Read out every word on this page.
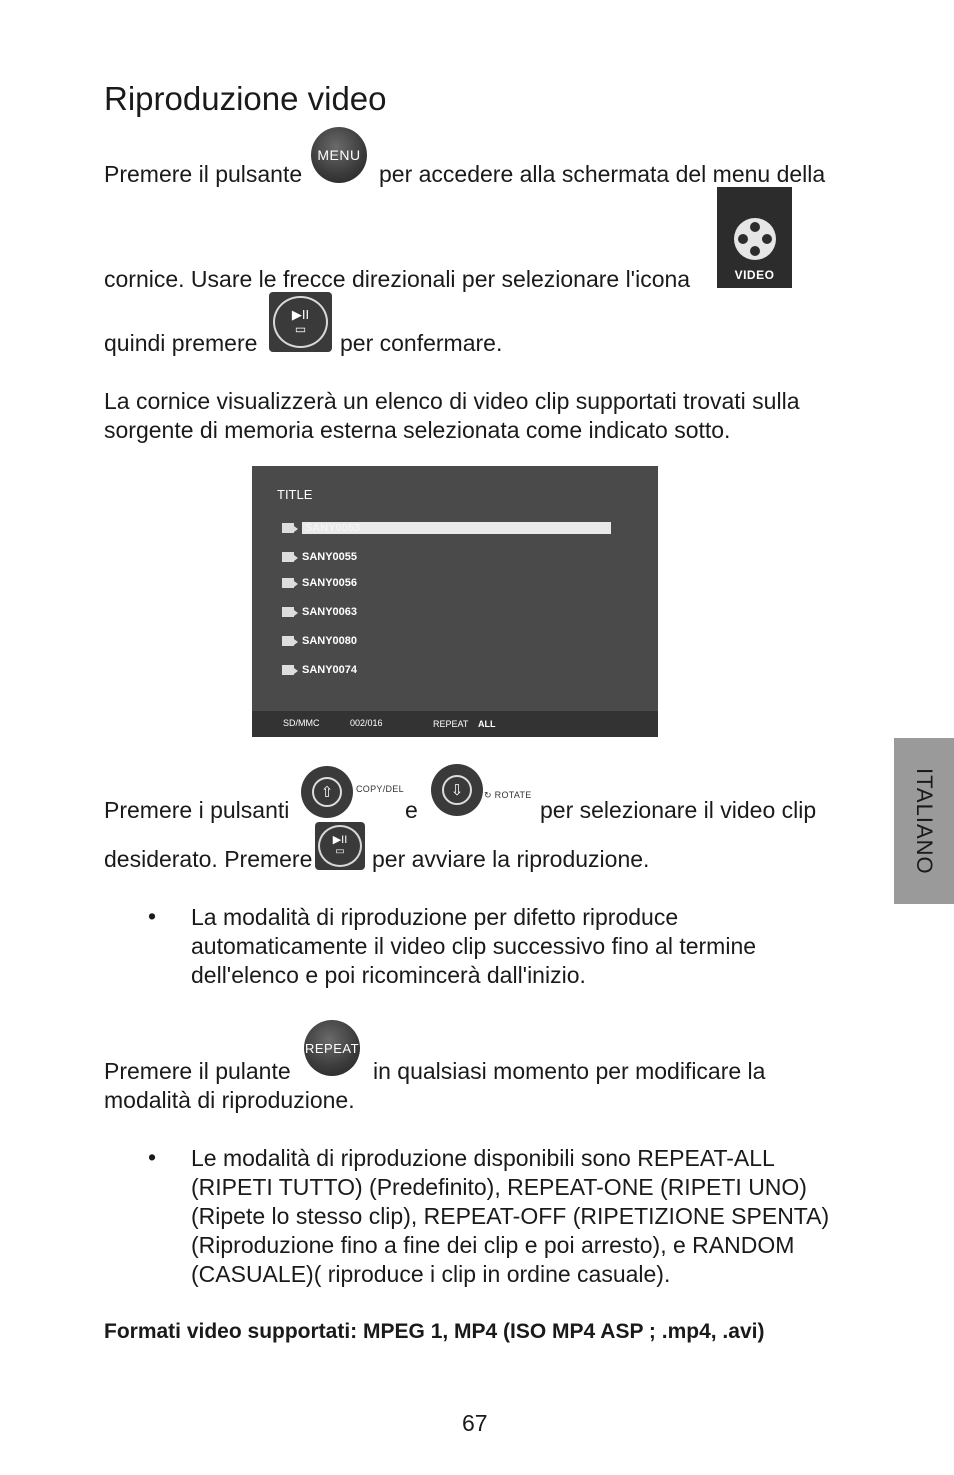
Riproduzione video
Premere il pulsante
MENU
per accedere alla schermata del menu della
cornice. Usare le frecce direzionali per selezionare l'icona	VIDEO
quindi premere
▶II
▭
per confermare.
La cornice visualizzerà un elenco di video clip supportati trovati sulla
sorgente di memoria esterna selezionata come indicato sotto.
TITLE
SANY0053
SANY0055
SANY0056
SANY0063
SANY0080
SANY0074
SD/MMC	002/016	REPEAT ALL
Premere i pulsanti
⇧	COPY/DEL
e
⇩ ↻ ROTATE
per selezionare il video clip
desiderato. Premere
▶II
▭ per avviare la riproduzione.
• La modalità di riproduzione per difetto riproduce
automaticamente il video clip successivo fino al termine
dell'elenco e poi ricomincerà dall'inizio.
Premere il pulante
REPEAT
in qualsiasi momento per modificare la
modalità di riproduzione.
• Le modalità di riproduzione disponibili sono REPEAT-ALL
(RIPETI TUTTO) (Predefinito), REPEAT-ONE (RIPETI UNO)
(Ripete lo stesso clip), REPEAT-OFF (RIPETIZIONE SPENTA)
(Riproduzione fino a fine dei clip e poi arresto), e RANDOM
(CASUALE)( riproduce i clip in ordine casuale).
Formati video supportati: MPEG 1, MP4 (ISO MP4 ASP ; .mp4, .avi)
67
ITALIANO
